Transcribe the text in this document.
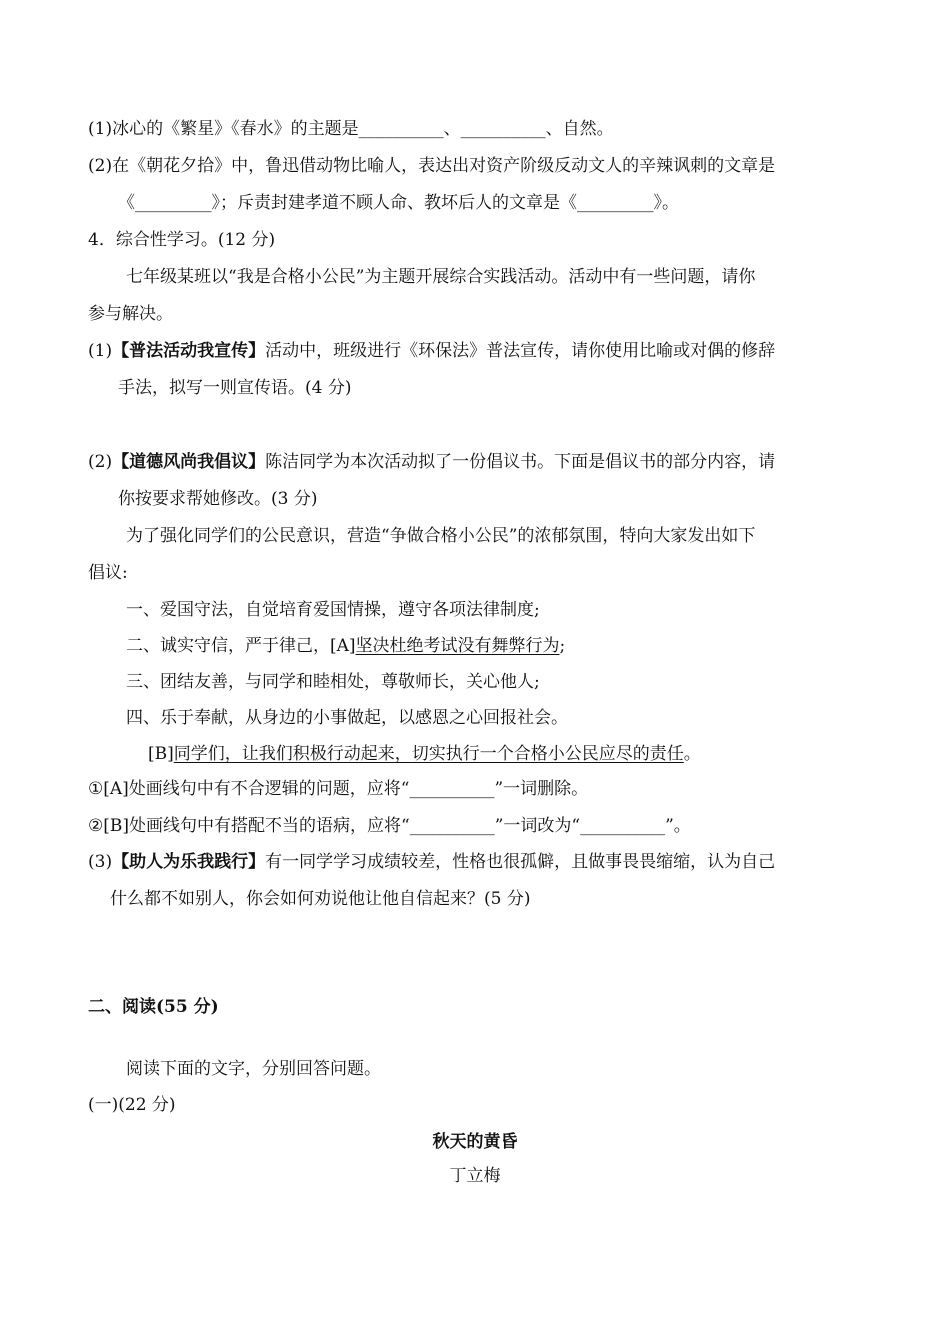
(1)冰心的《繁星》《春水》的主题是__________、__________、自然。
(2)在《朝花夕拾》中，鲁迅借动物比喻人，表达出对资产阶级反动文人的辛辣讽刺的文章是
《_________》；斥责封建孝道不顾人命、教坏后人的文章是《_________》。
4．综合性学习。(12 分)
七年级某班以“我是合格小公民”为主题开展综合实践活动。活动中有一些问题，请你
参与解决。
(1)【普法活动我宣传】活动中，班级进行《环保法》普法宣传，请你使用比喻或对偶的修辞
手法，拟写一则宣传语。(4 分)
(2)【道德风尚我倡议】陈洁同学为本次活动拟了一份倡议书。下面是倡议书的部分内容，请
你按要求帮她修改。(3 分)
为了强化同学们的公民意识，营造“争做合格小公民”的浓郁氛围，特向大家发出如下
倡议:
一、爱国守法，自觉培育爱国情操，遵守各项法律制度;
二、诚实守信，严于律己，[A]坚决杜绝考试没有舞弊行为;
三、团结友善，与同学和睦相处，尊敬师长，关心他人;
四、乐于奉献，从身边的小事做起，以感恩之心回报社会。
[B]同学们，让我们积极行动起来，切实执行一个合格小公民应尽的责任。
①[A]处画线句中有不合逻辑的问题，应将“__________”一词删除。
②[B]处画线句中有搭配不当的语病，应将“__________”一词改为“__________”。
(3)【助人为乐我践行】有一同学学习成绩较差，性格也很孤僻，且做事畏畏缩缩，认为自己
什么都不如别人，你会如何劝说他让他自信起来？(5 分)
二、阅读(55 分)
阅读下面的文字，分别回答问题。
(一)(22 分)
秋天的黄昏
丁立梅
